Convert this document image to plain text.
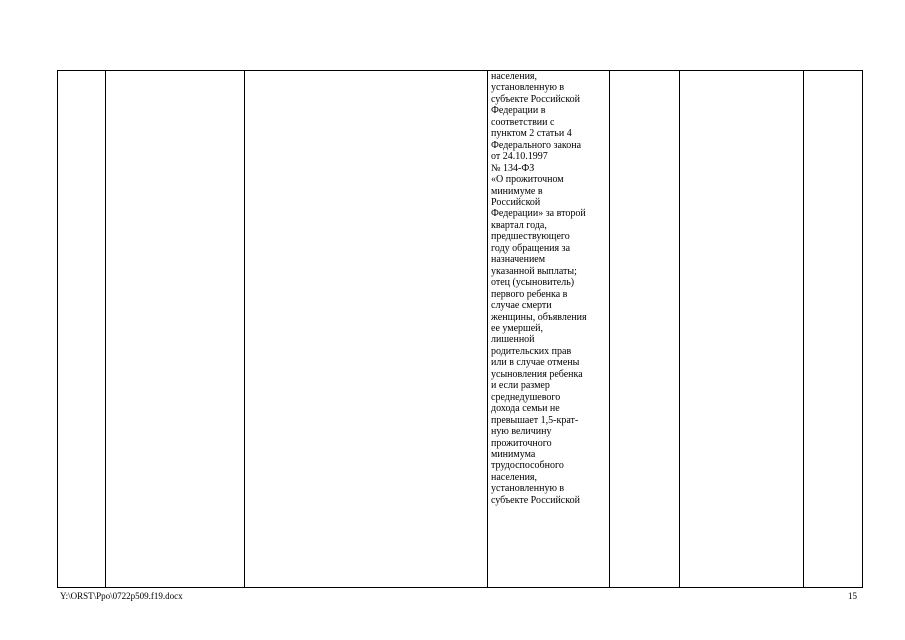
населения,
установленную в
субъекте Российской
Федерации в
соответствии с
пунктом 2 статьи 4
Федерального закона
от 24.10.1997
№ 134-ФЗ
«О прожиточном
минимуме в
Российской
Федерации» за второй
квартал года,
предшествующего
году обращения за
назначением
указанной выплаты;
отец (усыновитель)
первого ребенка в
случае смерти
женщины, объявления
ее умершей,
лишенной
родительских прав
или в случае отмены
усыновления ребенка
и если размер
среднедушевого
дохода семьи не
превышает 1,5-крат-
ную величину
прожиточного
минимума
трудоспособного
населения,
установленную в
субъекте Российской

Y:\ORST\Ppo\0722p509.f19.docx	15
